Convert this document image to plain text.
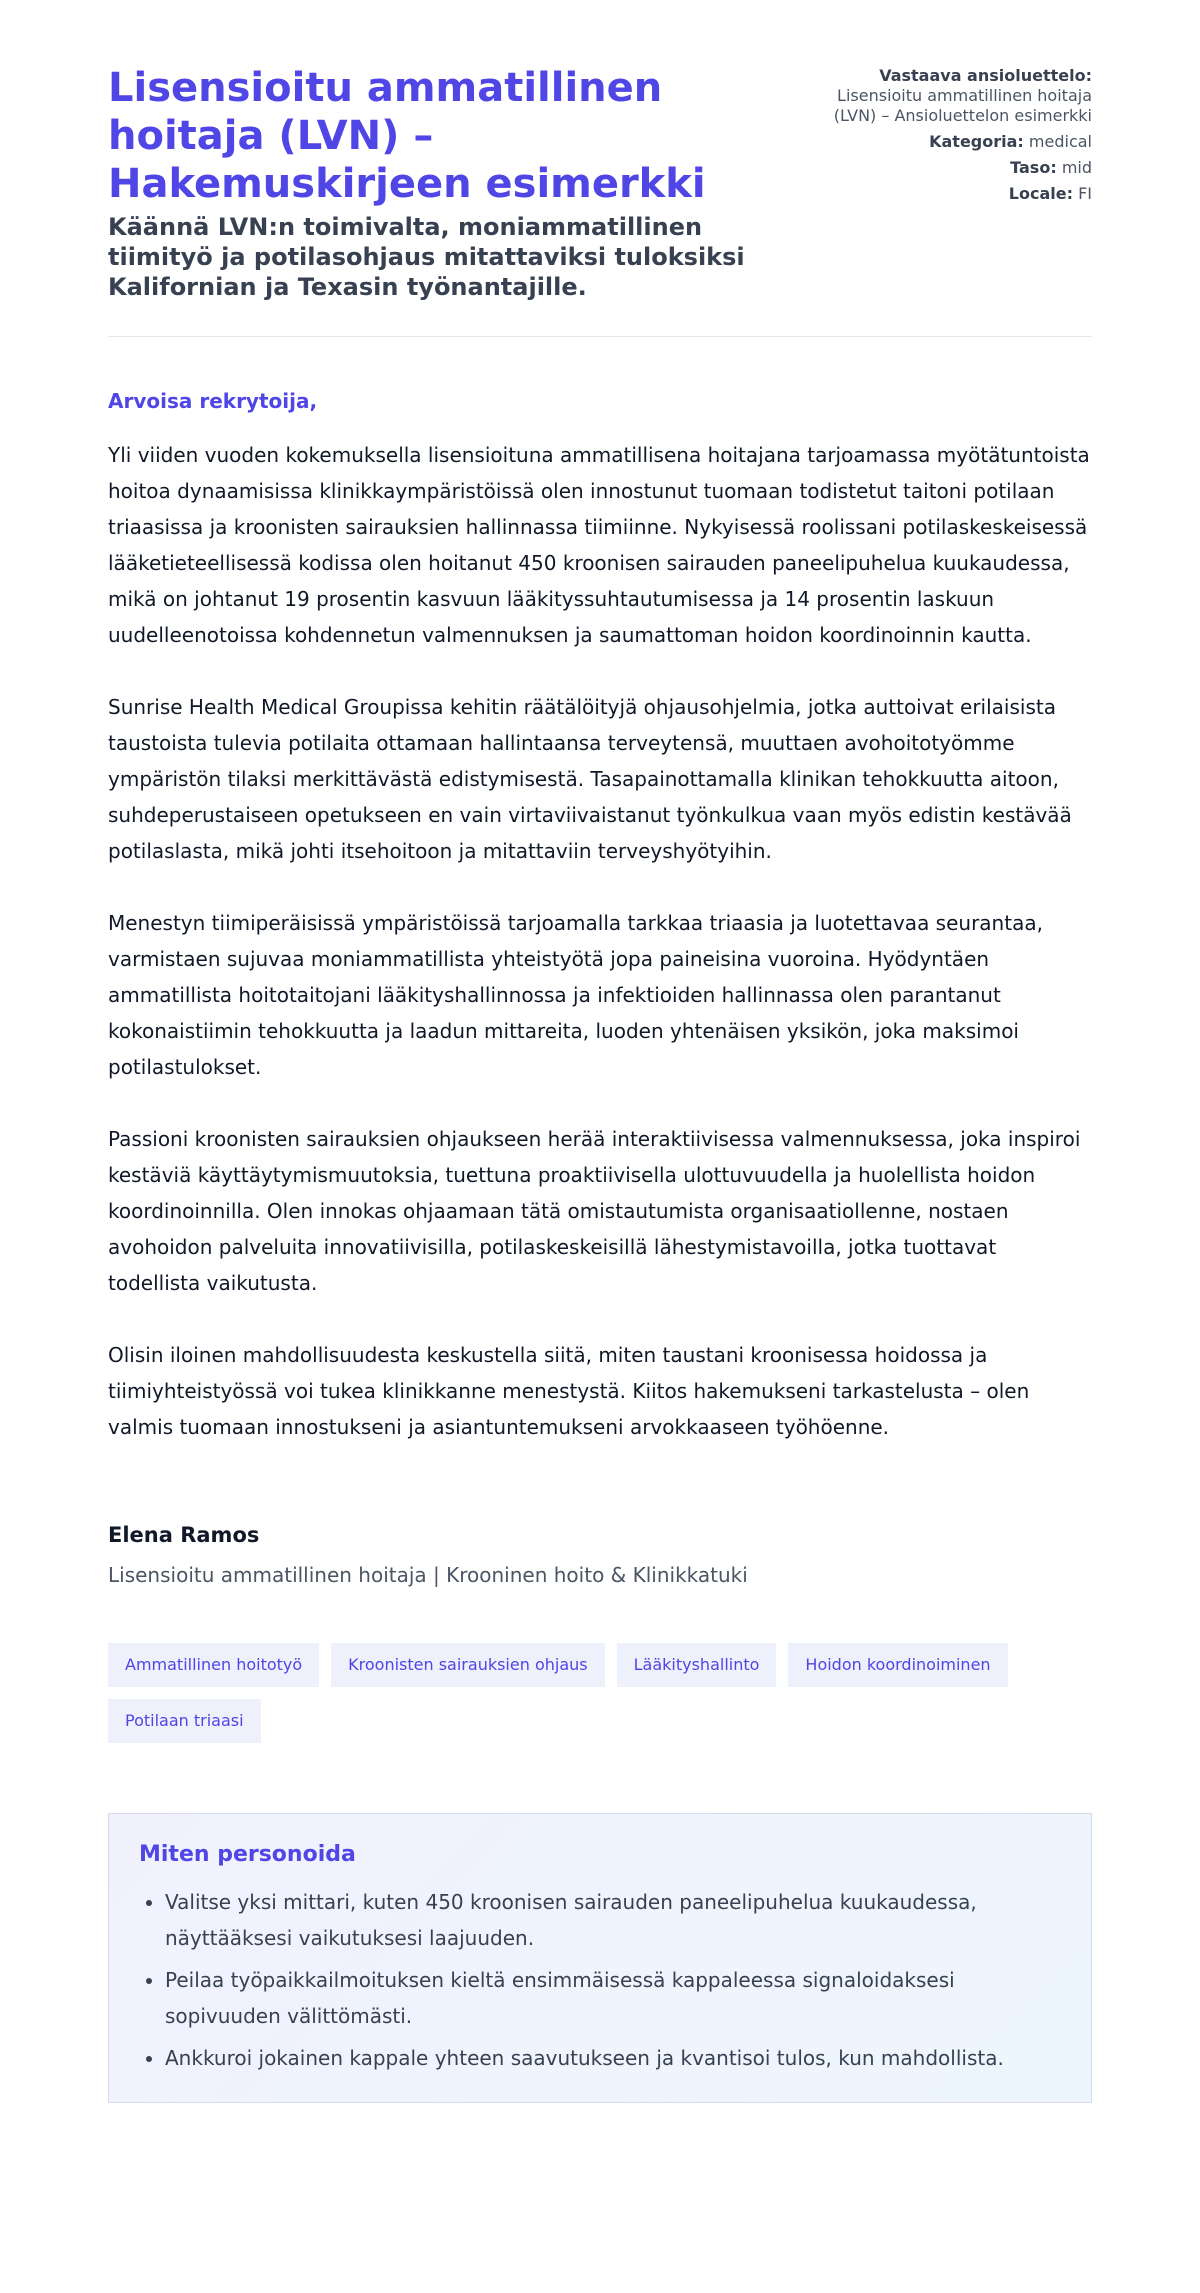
Lisensioitu ammatillinen hoitaja (LVN) – Hakemuskirjeen esimerkki
Käännä LVN:n toimivalta, moniammatillinen tiimityö ja potilasohjaus mitattaviksi tuloksiksi Kalifornian ja Texasin työnantajille.
Vastaava ansioluettelo:
Lisensioitu ammatillinen hoitaja (LVN) – Ansioluettelon esimerkki
Kategoria: medical
Taso: mid
Locale: FI
Arvoisa rekrytoija,

Yli viiden vuoden kokemuksella lisensioituna ammatillisena hoitajana tarjoamassa myötätuntoista hoitoa dynaamisissa klinikkaympäristöissä olen innostunut tuomaan todistetut taitoni potilaan triaasissa ja kroonisten sairauksien hallinnassa tiimiinne. Nykyisessä roolissani potilaskeskeisessä lääketieteellisessä kodissa olen hoitanut 450 kroonisen sairauden paneelipuhelua kuukaudessa, mikä on johtanut 19 prosentin kasvuun lääkityssuhtautumisessa ja 14 prosentin laskuun uudelleenotoissa kohdennetun valmennuksen ja saumattoman hoidon koordinoinnin kautta.

Sunrise Health Medical Groupissa kehitin räätälöityjä ohjausohjelmia, jotka auttoivat erilaisista taustoista tulevia potilaita ottamaan hallintaansa terveytensä, muuttaen avohoitotyömme ympäristön tilaksi merkittävästä edistymisestä. Tasapainottamalla klinikan tehokkuutta aitoon, suhdeperustaiseen opetukseen en vain virtaviivaistanut työnkulkua vaan myös edistin kestävää potilaslasta, mikä johti itsehoitoon ja mitattaviin terveyshyötyihin.

Menestyn tiimiperäisissä ympäristöissä tarjoamalla tarkkaa triaasia ja luotettavaa seurantaa, varmistaen sujuvaa moniammatillista yhteistyötä jopa paineisina vuoroina. Hyödyntäen ammatillista hoitotaitojani lääkityshallinnossa ja infektioiden hallinnassa olen parantanut kokonaistiimin tehokkuutta ja laadun mittareita, luoden yhtenäisen yksikön, joka maksimoi potilastulokset.

Passioni kroonisten sairauksien ohjaukseen herää interaktiivisessa valmennuksessa, joka inspiroi kestäviä käyttäytymismuutoksia, tuettuna proaktiivisella ulottuvuudella ja huolellista hoidon koordinoinnilla. Olen innokas ohjaamaan tätä omistautumista organisaatiollenne, nostaen avohoidon palveluita innovatiivisilla, potilaskeskeisillä lähestymistavoilla, jotka tuottavat todellista vaikutusta.

Olisin iloinen mahdollisuudesta keskustella siitä, miten taustani kroonisessa hoidossa ja tiimiyhteistyössä voi tukea klinikkanne menestystä. Kiitos hakemukseni tarkastelusta – olen valmis tuomaan innostukseni ja asiantuntemukseni arvokkaaseen työhöenne.

Elena Ramos
Lisensioitu ammatillinen hoitaja | Krooninen hoito & Klinikkatuki
Ammatillinen hoitotyö	Kroonisten sairauksien ohjaus	Lääkityshallinto	Hoidon koordinoiminen
Potilaan triaasi
Miten personoida
• Valitse yksi mittari, kuten 450 kroonisen sairauden paneelipuhelua kuukaudessa, näyttääksesi vaikutuksesi laajuuden.
• Peilaa työpaikkailmoituksen kieltä ensimmäisessä kappaleessa signaloidaksesi sopivuuden välittömästi.
• Ankkuroi jokainen kappale yhteen saavutukseen ja kvantisoi tulos, kun mahdollista.
